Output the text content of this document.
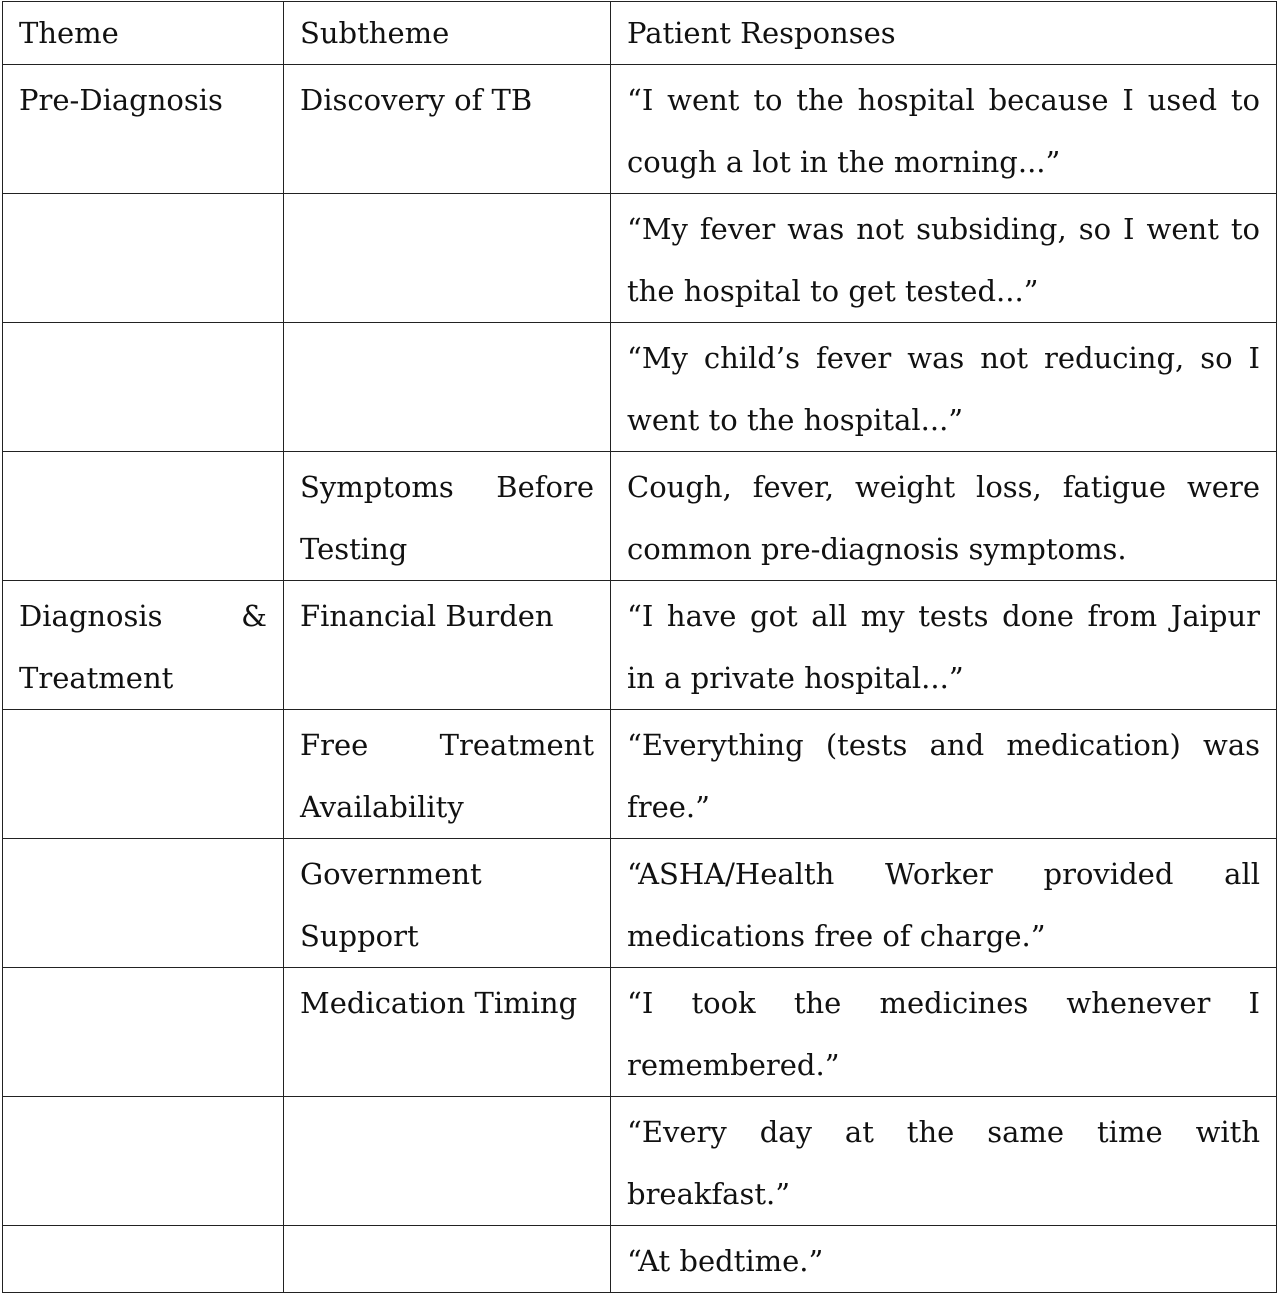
Theme	Subtheme	Patient Responses
Pre-Diagnosis	Discovery of TB	“I went to the hospital because I used to cough a lot in the morning...”
		“My fever was not subsiding, so I went to the hospital to get tested...”
		“My child’s fever was not reducing, so I went to the hospital...”
	Symptoms Before Testing	Cough, fever, weight loss, fatigue were common pre-diagnosis symptoms.
Diagnosis & Treatment	Financial Burden	“I have got all my tests done from Jaipur in a private hospital...”
	Free Treatment Availability	“Everything (tests and medication) was free.”
	Government Support	“ASHA/Health Worker provided all medications free of charge.”
	Medication Timing	“I took the medicines whenever I remembered.”
		“Every day at the same time with breakfast.”
		“At bedtime.”
